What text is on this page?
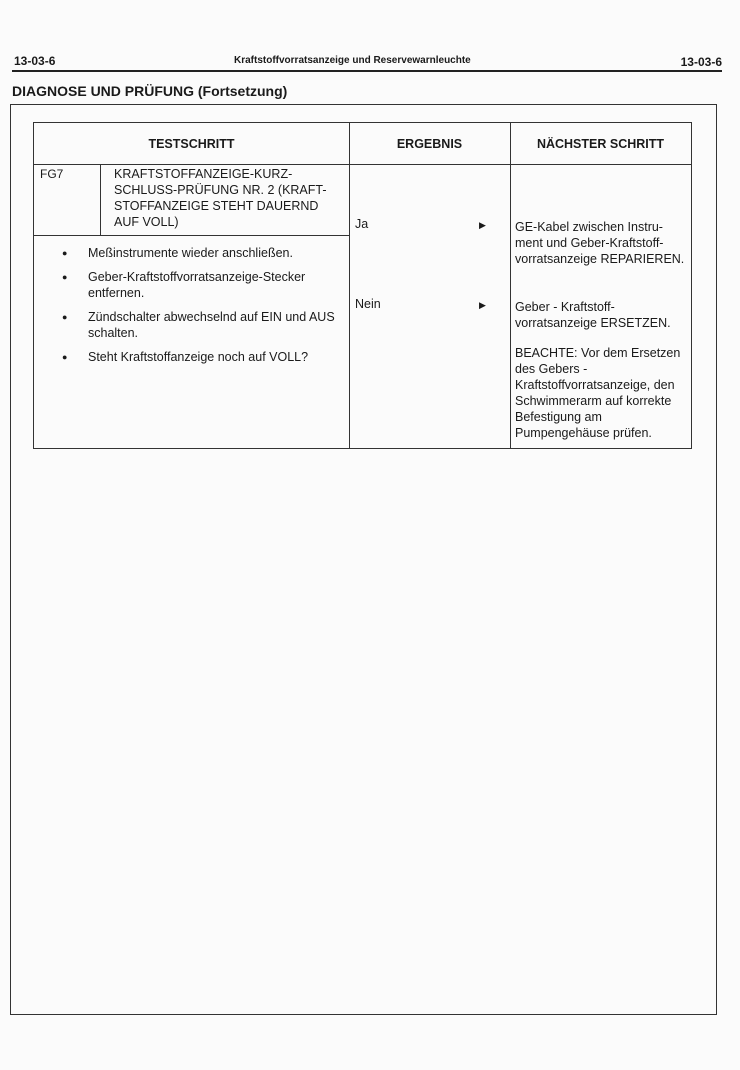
13-03-6	Kraftstoffvorratsanzeige und Reservewarnleuchte	13-03-6
DIAGNOSE UND PRÜFUNG (Fortsetzung)
TESTSCHRITT	ERGEBNIS	NÄCHSTER SCHRITT
FG7	KRAFTSTOFFANZEIGE-KURZ-SCHLUSS-PRÜFUNG NR. 2 (KRAFT-STOFFANZEIGE STEHT DAUERND AUF VOLL)
● Meßinstrumente wieder anschließen.
● Geber-Kraftstoffvorratsanzeige-Stecker entfernen.
● Zündschalter abwechselnd auf EIN und AUS schalten.
● Steht Kraftstoffanzeige noch auf VOLL?
Ja	▶ GE-Kabel zwischen Instru-ment und Geber-Kraftstoff-vorratsanzeige REPARIEREN.
Nein	▶ Geber - Kraftstoff-vorratsanzeige ERSETZEN.
BEACHTE: Vor dem Ersetzen des Gebers - Kraftstoffvorratsanzeige, den Schwimmerarm auf korrekte Befestigung am Pumpengehäuse prüfen.
